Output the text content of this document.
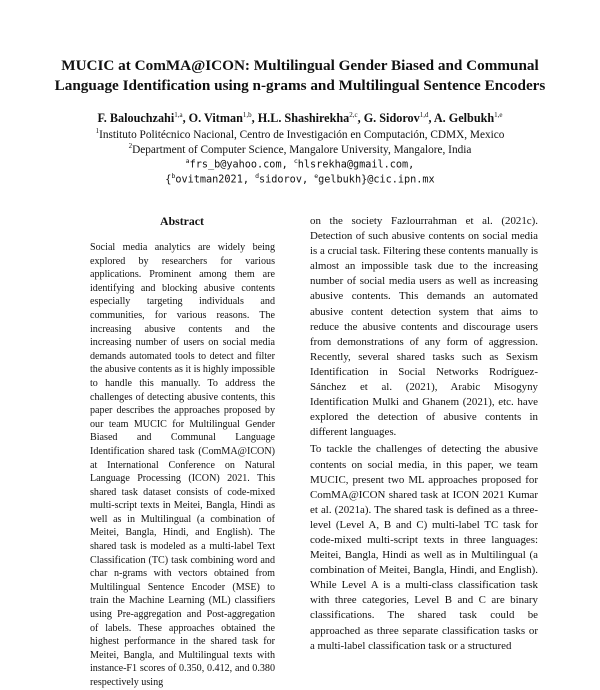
MUCIC at ComMA@ICON: Multilingual Gender Biased and Communal
Language Identification using n-grams and Multilingual Sentence Encoders
F. Balouchzahi$^{1,a}$, O. Vitman$^{1,b}$, H.L. Shashirekha$^{2,c}$, G. Sidorov$^{1,d}$, A. Gelbukh$^{1,e}$
$^1$Instituto Politécnico Nacional, Centro de Investigación en Computación, CDMX, Mexico
$^2$Department of Computer Science, Mangalore University, Mangalore, India
$^a$frs_b@yahoo.com, $^c$hlsrekha@gmail.com,
{$^b$ovitman2021, $^d$sidorov, $^e$gelbukh}@cic.ipn.mx
Abstract

Social media analytics are widely being explored by researchers for various applications. Prominent among them are identifying and blocking abusive contents especially targeting individuals and communities, for various reasons. The increasing abusive contents and the increasing number of users on social media demands automated tools to detect and filter the abusive contents as it is highly impossible to handle this manually. To address the challenges of detecting abusive contents, this paper describes the approaches proposed by our team MUCIC for Multilingual Gender Biased and Communal Language Identification shared task (ComMA@ICON) at International Conference on Natural Language Processing (ICON) 2021. This shared task dataset consists of code-mixed multi-script texts in Meitei, Bangla, Hindi as well as in Multilingual (a combination of Meitei, Bangla, Hindi, and English). The shared task is modeled as a multi-label Text Classification (TC) task combining word and char n-grams with vectors obtained from Multilingual Sentence Encoder (MSE) to train the Machine Learning (ML) classifiers using Pre-aggregation and Post-aggregation of labels. These approaches obtained the highest performance in the shared task for Meitei, Bangla, and Multilingual texts with instance-F1 scores of 0.350, 0.412, and 0.380 respectively using

on the society Fazlourrahman et al. (2021c). Detection of such abusive contents on social media is a crucial task. Filtering these contents manually is almost an impossible task due to the increasing number of social media users as well as increasing abusive contents. This demands an automated abusive content detection system that aims to reduce the abusive contents and discourage users from demonstrations of any form of aggression. Recently, several shared tasks such as Sexism Identification in Social Networks Rodríguez-Sánchez et al. (2021), Arabic Misogyny Identification Mulki and Ghanem (2021), etc. have explored the detection of abusive contents in different languages.

To tackle the challenges of detecting the abusive contents on social media, in this paper, we team MUCIC, present two ML approaches proposed for ComMA@ICON shared task at ICON 2021 Kumar et al. (2021a). The shared task is defined as a three-level (Level A, B and C) multi-label TC task for code-mixed multi-script texts in three languages: Meitei, Bangla, Hindi as well as in Multilingual (a combination of Meitei, Bangla, Hindi, and English). While Level A is a multi-class classification task with three categories, Level B and C are binary classifications. The shared task could be approached as three separate classification tasks or a multi-label classification task or a structured
